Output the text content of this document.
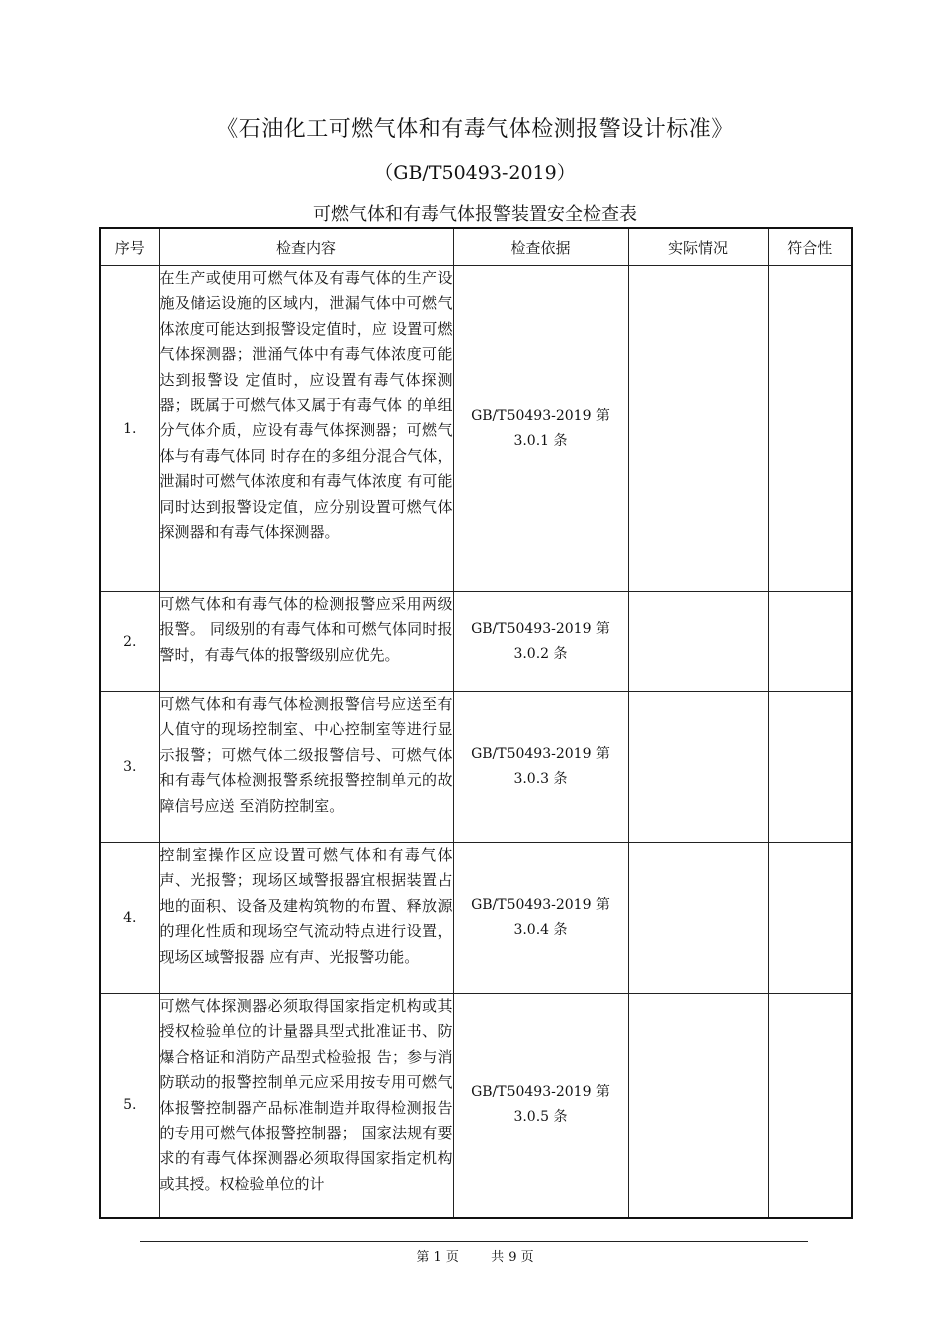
《石油化工可燃气体和有毒气体检测报警设计标准》
（GB/T50493-2019）
可燃气体和有毒气体报警装置安全检查表
序号	检查内容	检查依据	实际情况	符合性
1.	在生产或使用可燃气体及有毒气体的生产设施及储运设施的区域内，泄漏气体中可燃气体浓度可能达到报警设定值时，应 设置可燃气体探测器；泄涌气体中有毒气体浓度可能达到报警设 定值时，应设置有毒气体探测器；既属于可燃气体又属于有毒气体 的单组分气体介质，应设有毒气体探测器；可燃气体与有毒气体同 时存在的多组分混合气体，泄漏时可燃气体浓度和有毒气体浓度 有可能同时达到报警设定值，应分别设置可燃气体探测器和有毒气体探测器。	GB/T50493-2019 第
3.0.1 条		

2.	可燃气体和有毒气体的检测报警应采用两级报警。 同级别的有毒气体和可燃气体同时报警时，有毒气体的报警级别应优先。	GB/T50493-2019 第
3.0.2 条		

3.	可燃气体和有毒气体检测报警信号应送至有人值守的现场控制室、中心控制室等进行显示报警；可燃气体二级报警信号、可燃气体和有毒气体检测报警系统报警控制单元的故障信号应送 至消防控制室。	GB/T50493-2019 第
3.0.3 条		

4.	控制室操作区应设置可燃气体和有毒气体声、光报警；现场区域警报器宜根据装置占地的面积、设备及建构筑物的布置、释放源的理化性质和现场空气流动特点进行设置，现场区域警报器 应有声、光报警功能。	GB/T50493-2019 第
3.0.4 条		

5.	可燃气体探测器必须取得国家指定机构或其授权检验单位的计量器具型式批准证书、防爆合格证和消防产品型式检验报 告；参与消防联动的报警控制单元应采用按专用可燃气体报警控制器产品标准制造并取得检测报告的专用可燃气体报警控制器； 国家法规有要求的有毒气体探测器必须取得国家指定机构或其授。权检验单位的计	GB/T50493-2019 第
3.0.5 条		

第 1 页 共 9 页
